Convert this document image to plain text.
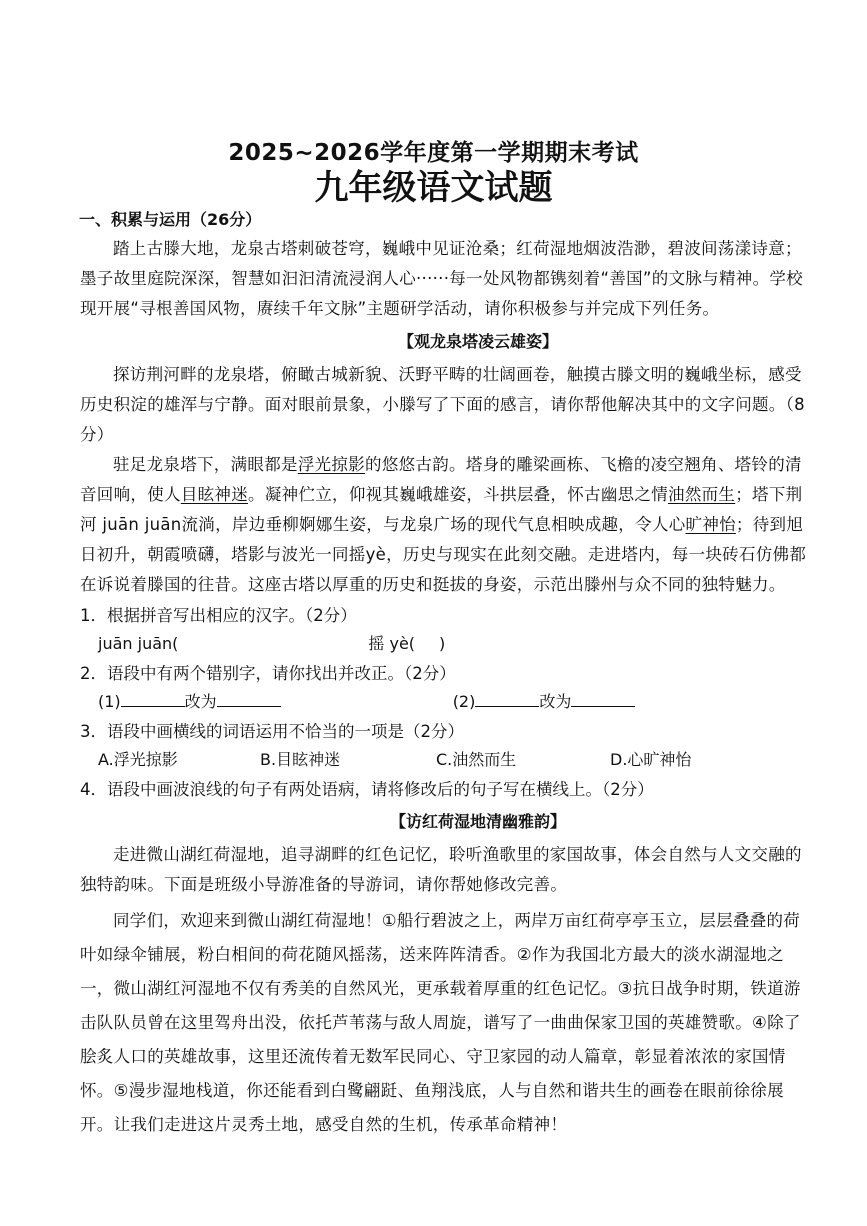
2025~2026学年度第一学期期末考试
九年级语文试题
一、积累与运用（26分）

踏上古滕大地，龙泉古塔刺破苍穹，巍峨中见证沧桑；红荷湿地烟波浩渺，碧波间荡漾诗意；墨子故里庭院深深，智慧如汩汩清流浸润人心······每一处风物都镌刻着“善国”的文脉与精神。学校现开展“寻根善国风物，赓续千年文脉”主题研学活动，请你积极参与并完成下列任务。

【观龙泉塔凌云雄姿】

探访荆河畔的龙泉塔，俯瞰古城新貌、沃野平畴的壮阔画卷，触摸古滕文明的巍峨坐标，感受历史积淀的雄浑与宁静。面对眼前景象，小滕写了下面的感言，请你帮他解决其中的文字问题。（8分）

驻足龙泉塔下，满眼都是浮光掠影的悠悠古韵。塔身的雕梁画栋、飞檐的凌空翘角、塔铃的清音回响，使人目眩神迷。凝神伫立，仰视其巍峨雄姿，斗拱层叠，怀古幽思之情油然而生；塔下荆河 juān juān流淌，岸边垂柳婀娜生姿，与龙泉广场的现代气息相映成趣，令人心旷神怡；待到旭日初升，朝霞喷礴，塔影与波光一同摇yè，历史与现实在此刻交融。走进塔内，每一块砖石仿佛都在诉说着滕国的往昔。这座古塔以厚重的历史和挺拔的身姿，示范出滕州与众不同的独特魅力。

1．根据拼音写出相应的汉字。（2分）
juān juān(	摇 yè( )
2．语段中有两个错别字，请你找出并改正。（2分）
(1)	改为	(2)	改为
3．语段中画横线的词语运用不恰当的一项是（2分）
A.浮光掠影	B.目眩神迷	C.油然而生	D.心旷神怡
4．语段中画波浪线的句子有两处语病，请将修改后的句子写在横线上。（2分）
【访红荷湿地清幽雅韵】

走进微山湖红荷湿地，追寻湖畔的红色记忆，聆听渔歌里的家国故事，体会自然与人文交融的独特韵味。下面是班级小导游准备的导游词，请你帮她修改完善。

同学们，欢迎来到微山湖红荷湿地！①船行碧波之上，两岸万亩红荷亭亭玉立，层层叠叠的荷叶如绿伞铺展，粉白相间的荷花随风摇荡，送来阵阵清香。②作为我国北方最大的淡水湖湿地之一，微山湖红河湿地不仅有秀美的自然风光，更承载着厚重的红色记忆。③抗日战争时期，铁道游击队队员曾在这里驾舟出没，依托芦苇荡与敌人周旋，谱写了一曲曲保家卫国的英雄赞歌。④除了脍炙人口的英雄故事，这里还流传着无数军民同心、守卫家园的动人篇章，彰显着浓浓的家国情怀。⑤漫步湿地栈道，你还能看到白鹭翩跹、鱼翔浅底，人与自然和谐共生的画卷在眼前徐徐展开。让我们走进这片灵秀土地，感受自然的生机，传承革命精神！
